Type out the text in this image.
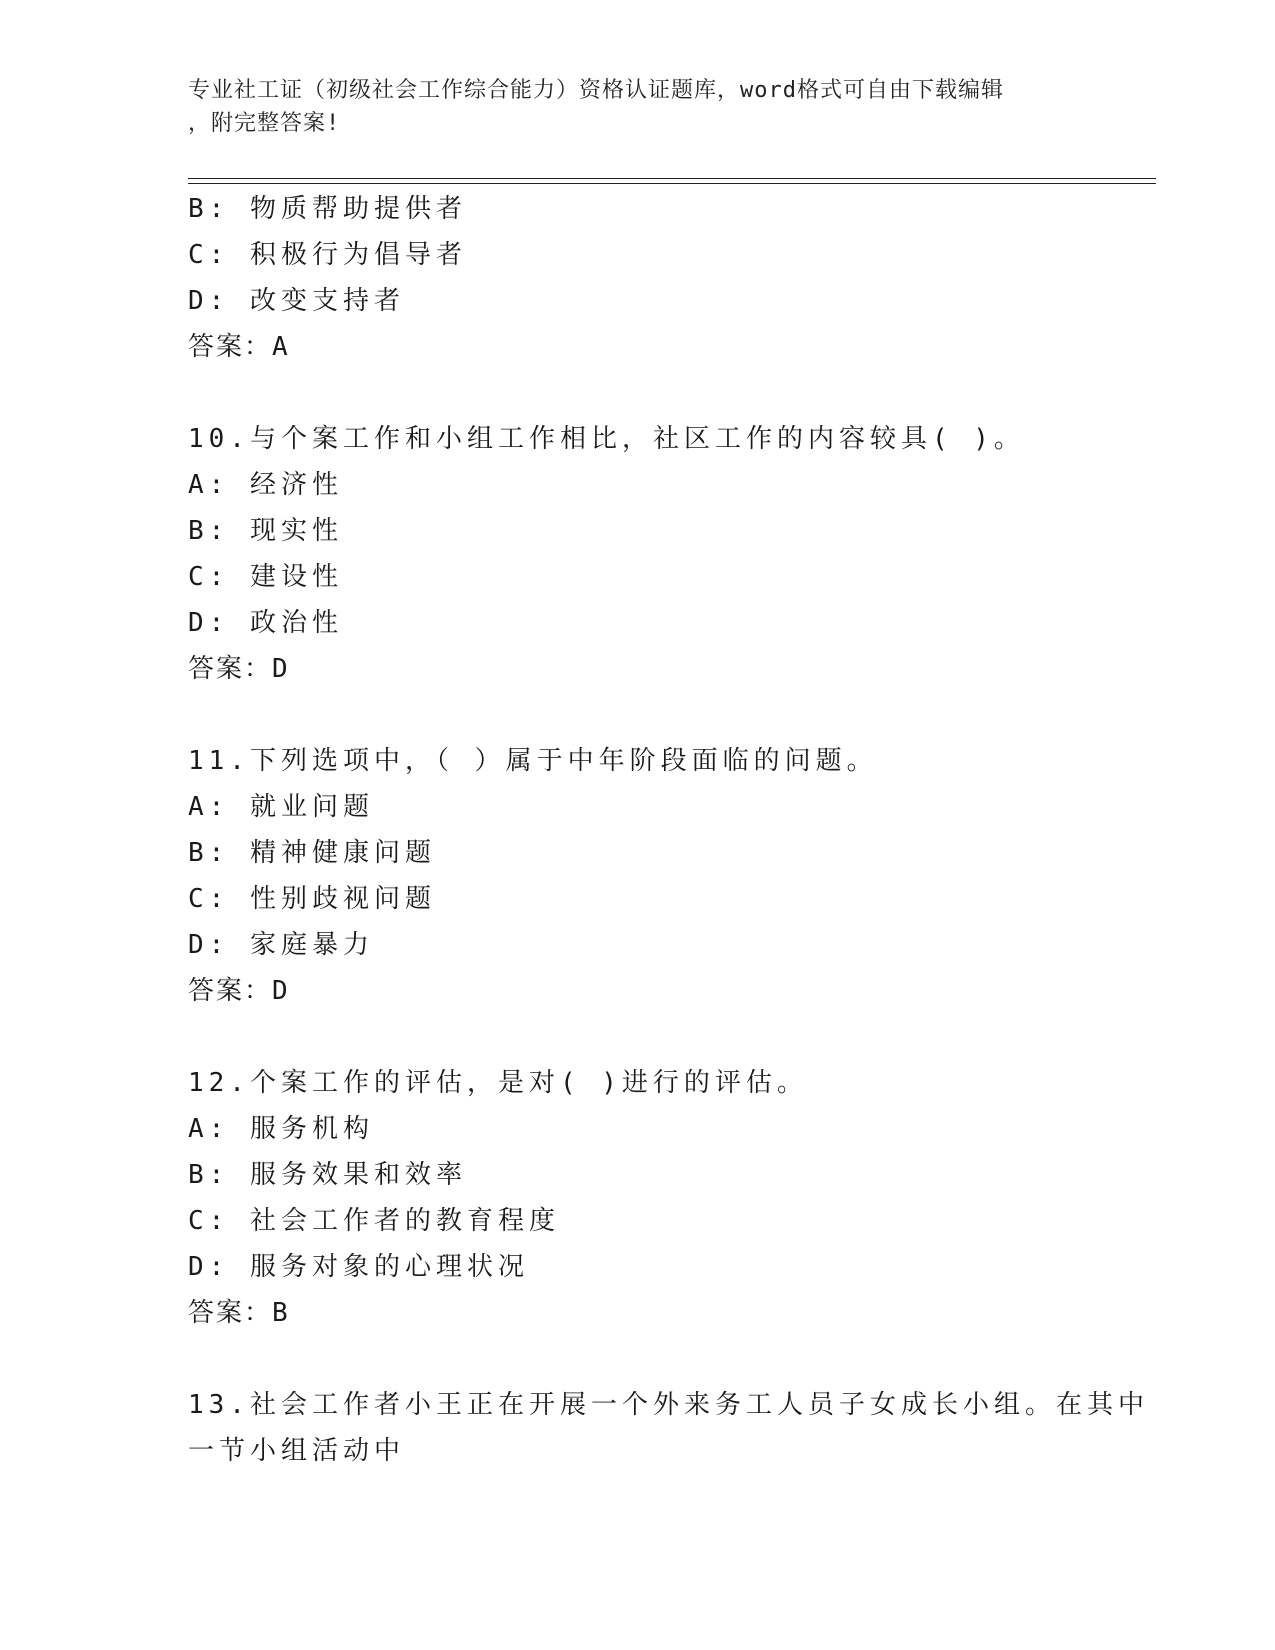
专业社工证（初级社会工作综合能力）资格认证题库，word格式可自由下载编辑
，附完整答案!
B: 物质帮助提供者
C: 积极行为倡导者
D: 改变支持者
答案：A
10.与个案工作和小组工作相比，社区工作的内容较具( )。
A: 经济性
B: 现实性
C: 建设性
D: 政治性
答案：D
11.下列选项中，（ ）属于中年阶段面临的问题。
A: 就业问题
B: 精神健康问题
C: 性别歧视问题
D: 家庭暴力
答案：D
12.个案工作的评估，是对( )进行的评估。
A: 服务机构
B: 服务效果和效率
C: 社会工作者的教育程度
D: 服务对象的心理状况
答案：B
13.社会工作者小王正在开展一个外来务工人员子女成长小组。在其中
一节小组活动中
